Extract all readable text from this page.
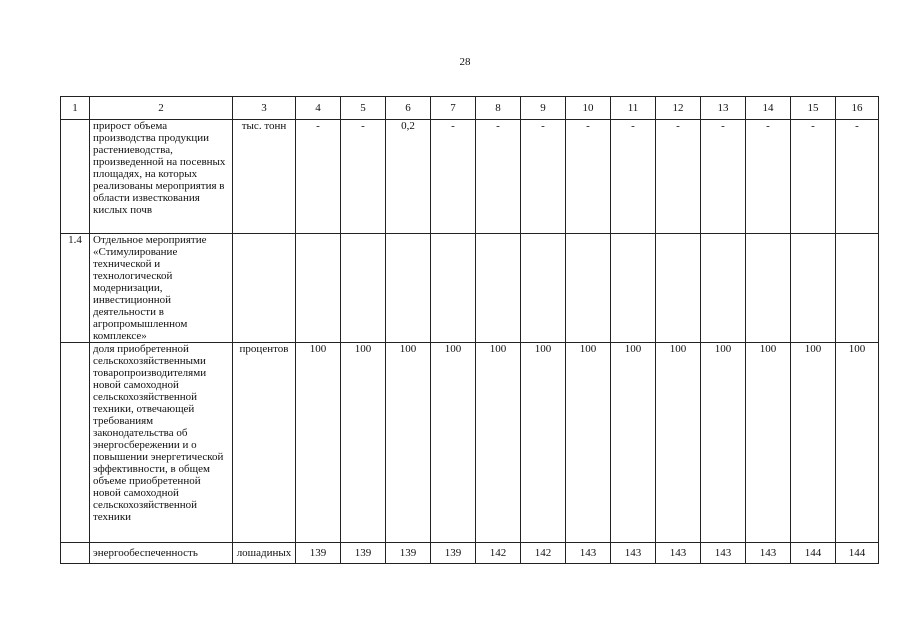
28
1	2	3	4	5	6	7	8	9	10	11	12	13	14	15	16
	прирост объема производства продукции растениеводства, произведенной на посевных площадях, на которых реализованы мероприятия в области известкования кислых почв	тыс. тонн	-	-	0,2	-	-	-	-	-	-	-	-	-	-
1.4	Отдельное мероприятие «Стимулирование технической и технологической модернизации, инвестиционной деятельности в агропромышленном комплексе»														
	доля приобретенной сельскохозяйственными товаропроизводителями новой самоходной сельскохозяйственной техники, отвечающей требованиям законодательства об энергосбережении и о повышении энергетической эффективности, в общем объеме приобретенной новой самоходной сельскохозяйственной техники	процентов	100	100	100	100	100	100	100	100	100	100	100	100	100
	энергообеспеченность	лошадиных	139	139	139	139	142	142	143	143	143	143	143	144	144
